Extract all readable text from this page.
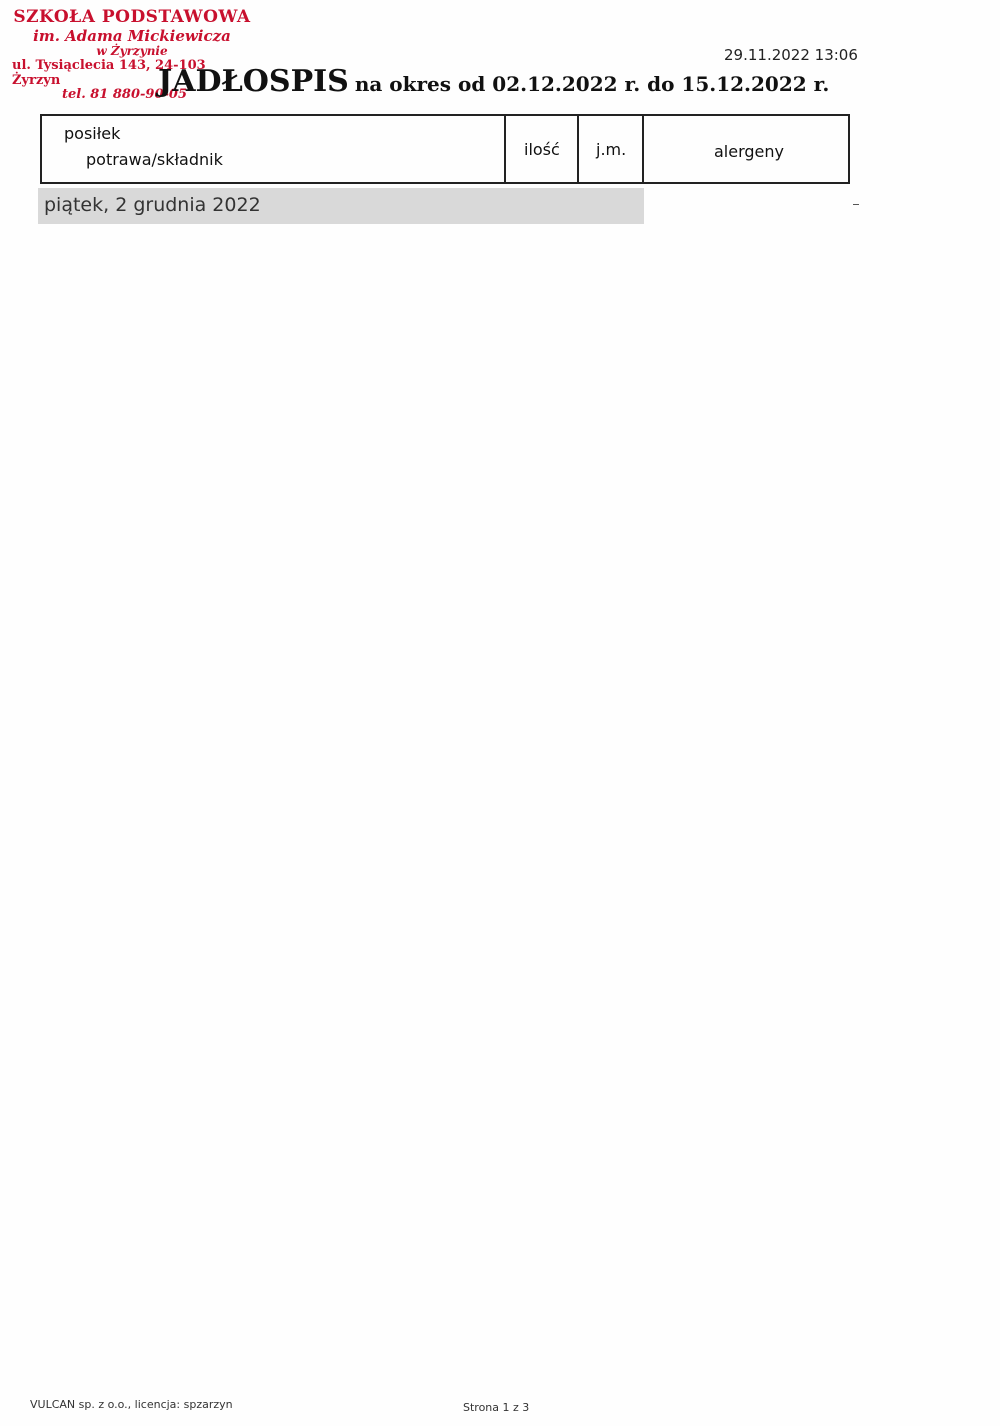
SZKOŁA PODSTAWOWA
im. Adama Mickiewicza
w Żyrzynie
ul. Tysiąclecia 143, 24-103 Żyrzyn
tel. 81 880-90-05
29.11.2022 13:06
JADŁOSPIS na okres od 02.12.2022 r. do 15.12.2022 r.
posiłek
potrawa/składnik
ilość j.m.	alergeny
piątek, 2 grudnia 2022
VULCAN sp. z o.o., licencja: spzarzyn	Strona 1 z 3
